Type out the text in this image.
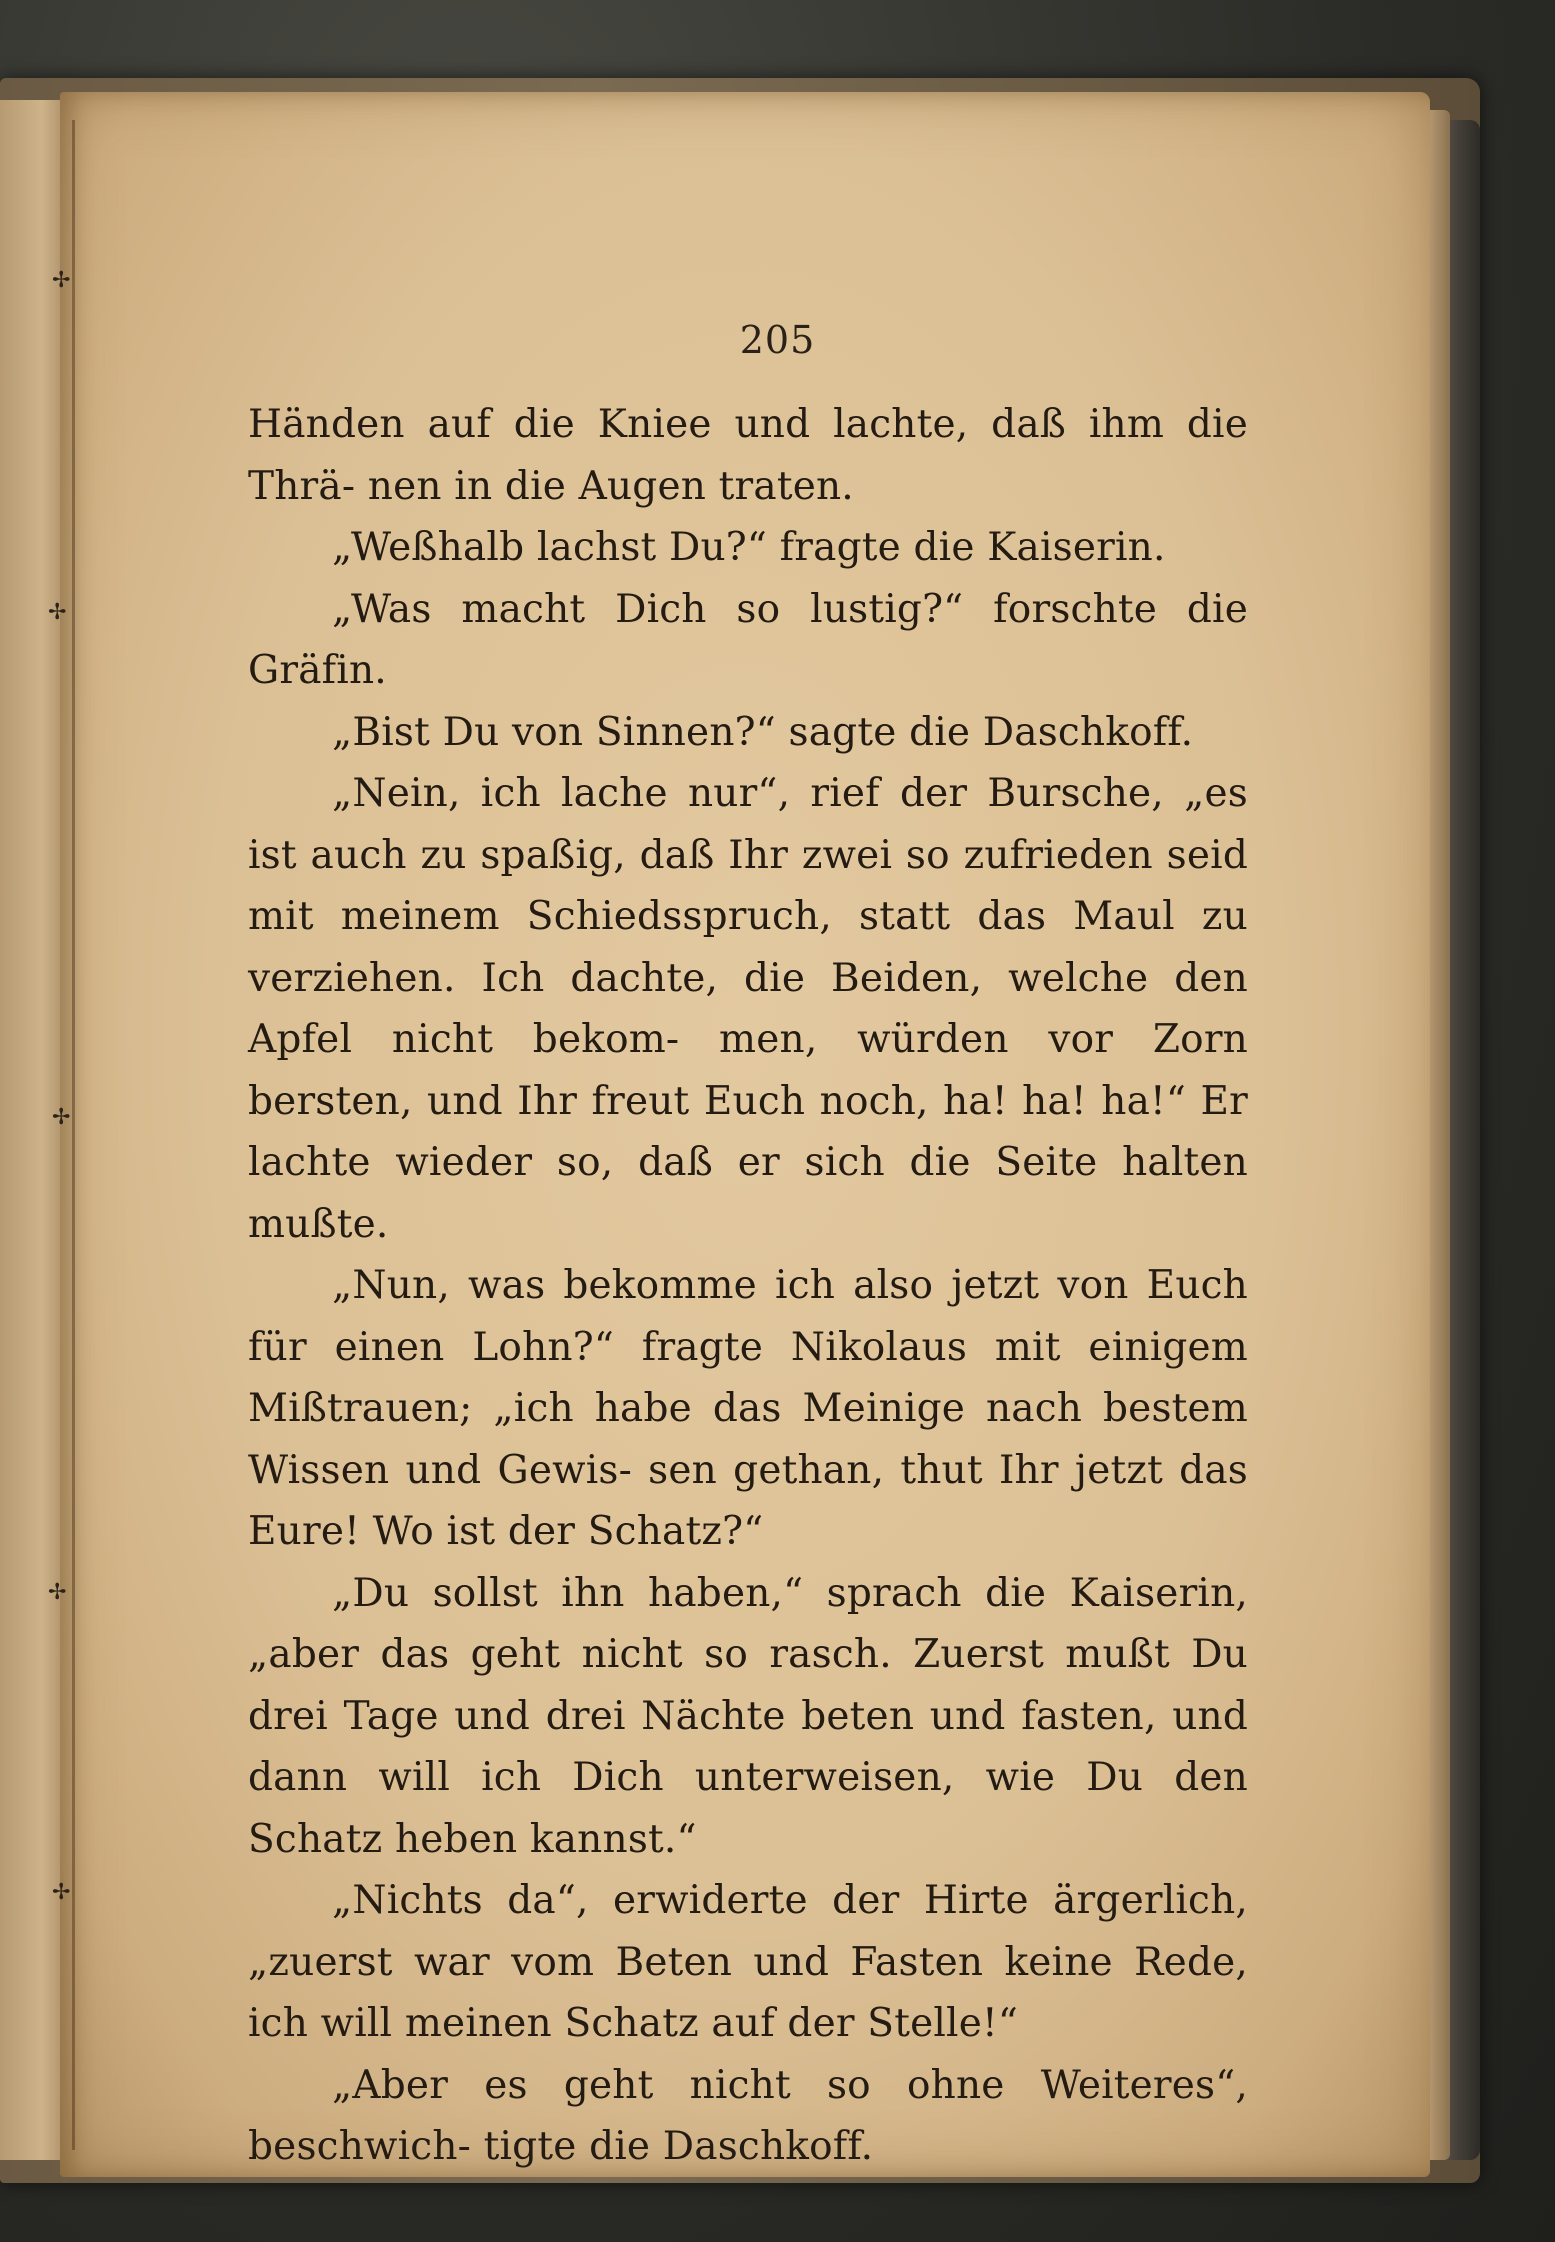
✢
✢
✢
✢
✢
205

Händen auf die Kniee und lachte, daß ihm die Thrä- nen in die Augen traten.

„Weßhalb lachst Du?“ fragte die Kaiserin.

„Was macht Dich so lustig?“ forschte die Gräfin.

„Bist Du von Sinnen?“ sagte die Daschkoff.

„Nein, ich lache nur“, rief der Bursche, „es ist auch zu spaßig, daß Ihr zwei so zufrieden seid mit meinem Schiedsspruch, statt das Maul zu verziehen. Ich dachte, die Beiden, welche den Apfel nicht bekom- men, würden vor Zorn bersten, und Ihr freut Euch noch, ha! ha! ha!“ Er lachte wieder so, daß er sich die Seite halten mußte.

„Nun, was bekomme ich also jetzt von Euch für einen Lohn?“ fragte Nikolaus mit einigem Mißtrauen; „ich habe das Meinige nach bestem Wissen und Gewis- sen gethan, thut Ihr jetzt das Eure! Wo ist der Schatz?“

„Du sollst ihn haben,“ sprach die Kaiserin, „aber das geht nicht so rasch. Zuerst mußt Du drei Tage und drei Nächte beten und fasten, und dann will ich Dich unterweisen, wie Du den Schatz heben kannst.“

„Nichts da“, erwiderte der Hirte ärgerlich, „zuerst war vom Beten und Fasten keine Rede, ich will meinen Schatz auf der Stelle!“

„Aber es geht nicht so ohne Weiteres“, beschwich- tigte die Daschkoff.
